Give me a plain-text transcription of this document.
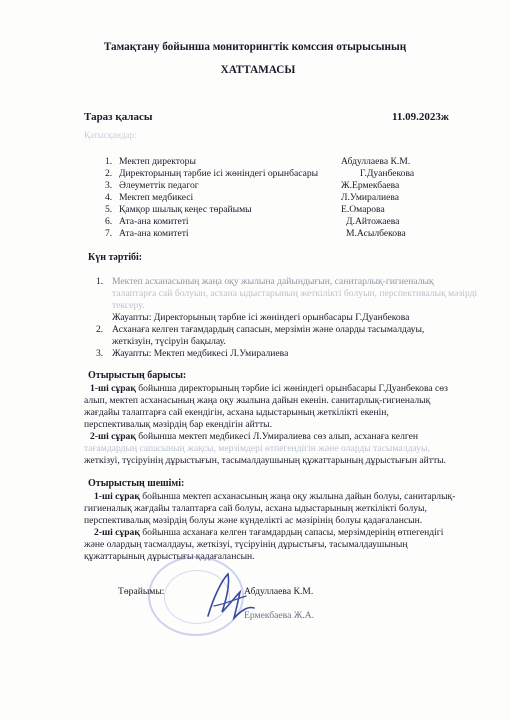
Тамақтану бойынша мониторингтік комссия отырысының
ХАТТАМАСЫ
Тараз қаласы	11.09.2023ж
Қатысқандар:
1. Мектеп директоры	Абдуллаева К.М.
2. Директорының тәрбие ісі жөніндегі орынбасары	Г.Дуанбекова
3. Әлеуметтік педагог	Ж.Ермекбаева
4. Мектеп медбикесі	Л.Умиралиева
5. Қамқор шылық кеңес төрайымы	Е.Омарова
6. Ата-ана комитеті	Д.Айтожаева
7. Ата-ана комитеті	М.Асылбекова
Күн тәртібі:
1. Мектеп асханасының жаңа оқу жылына дайындығын, санитарлық-гигиеналық
талаптарға сай болуын, асхана ыдыстарының жеткілікті болуын, перспективалық мәзірді
тексеру.
Жауапты: Директорының тәрбие ісі жөніндегі орынбасары Г.Дуанбекова
2. Асханаға келген тағамдардың сапасын, мерзімін және оларды тасымалдауы,
жеткізуін, түсіруін бақылау.
3. Жауапты: Мектеп медбикесі Л.Умиралиева
Отырыстың барысы:
1-ші сұрақ бойынша директорының тәрбие ісі жөніндегі орынбасары Г.Дуанбекова сөз
алып, мектеп асханасының жаңа оқу жылына дайын екенін. санитарлық-гигиеналық
жағдайы талаптарға сай екендігін, асхана ыдыстарының жеткілікті екенін,
перспективалық мәзірдің бар екендігін айтты.
2-ші сұрақ бойынша мектеп медбикесі Л.Умиралиева сөз алып, асханаға келген
тағамдардың сапасының жақсы, мерзімдері өтпегендігін және оларды тасымалдауы,
жеткізуі, түсіруінің дұрыстығын, тасымалдаушының құжаттарының дұрыстығын айтты.
Отырыстың шешімі:
1-ші сұрақ бойынша мектеп асханасының жаңа оқу жылына дайын болуы, санитарлық-
гигиеналық жағдайы талаптарға сай болуы, асхана ыдыстарының жеткілікті болуы,
перспективалық мәзірдің болуы және күнделікті ас мәзірінің болуы қадағалансын.
2-ші сұрақ бойынша асханаға келген тағамдардың сапасы, мерзімдерінің өтпегендігі
және олардың тасмалдауы, жеткізуі, түсіруінің дұрыстығы, тасымалдаушының
құжаттарының дұрыстығы қадағалансын.
Төрайымы:	Абдуллаева К.М.
Ермекбаева Ж.А.
